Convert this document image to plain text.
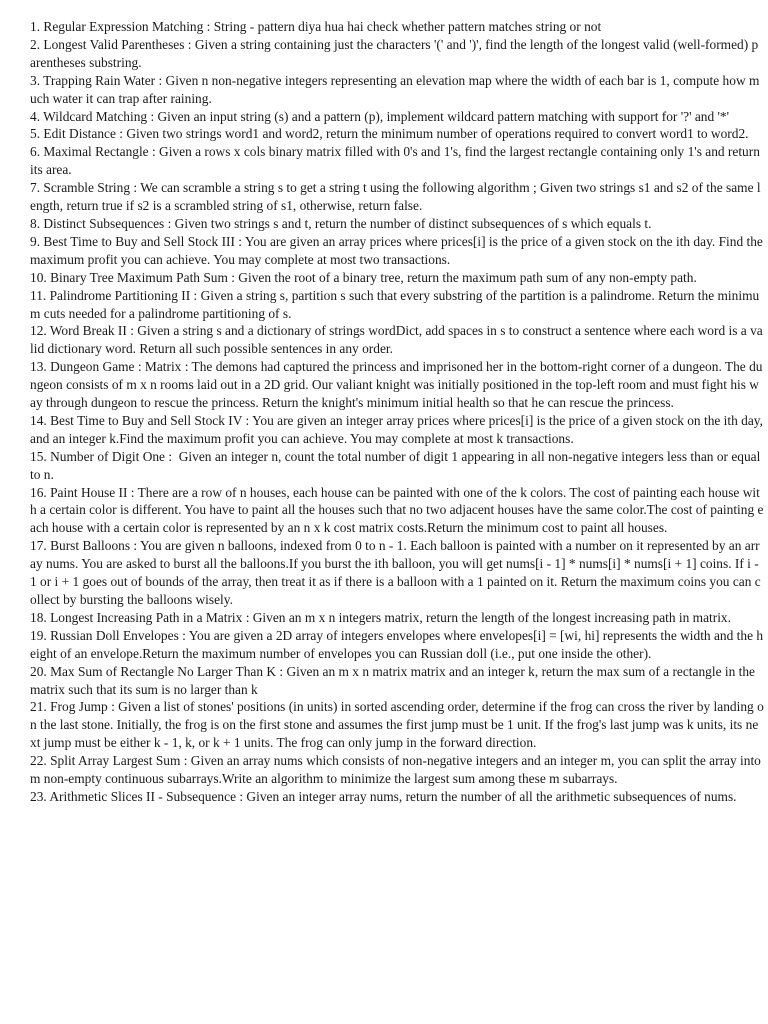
1. Regular Expression Matching : String - pattern diya hua hai check whether pattern matches string or not

2. Longest Valid Parentheses : Given a string containing just the characters '(' and ')', find the length of the longest valid (well-formed) parentheses substring.

3. Trapping Rain Water : Given n non-negative integers representing an elevation map where the width of each bar is 1, compute how much water it can trap after raining.

4. Wildcard Matching : Given an input string (s) and a pattern (p), implement wildcard pattern matching with support for '?' and '*'

5. Edit Distance : Given two strings word1 and word2, return the minimum number of operations required to convert word1 to word2.

6. Maximal Rectangle : Given a rows x cols binary matrix filled with 0's and 1's, find the largest rectangle containing only 1's and return its area.

7. Scramble String : We can scramble a string s to get a string t using the following algorithm ; Given two strings s1 and s2 of the same length, return true if s2 is a scrambled string of s1, otherwise, return false.

8. Distinct Subsequences : Given two strings s and t, return the number of distinct subsequences of s which equals t.

9. Best Time to Buy and Sell Stock III : You are given an array prices where prices[i] is the price of a given stock on the ith day. Find the maximum profit you can achieve. You may complete at most two transactions.

10. Binary Tree Maximum Path Sum : Given the root of a binary tree, return the maximum path sum of any non-empty path.

11. Palindrome Partitioning II : Given a string s, partition s such that every substring of the partition is a palindrome. Return the minimum cuts needed for a palindrome partitioning of s.

12. Word Break II : Given a string s and a dictionary of strings wordDict, add spaces in s to construct a sentence where each word is a valid dictionary word. Return all such possible sentences in any order.

13. Dungeon Game : Matrix : The demons had captured the princess and imprisoned her in the bottom-right corner of a dungeon. The dungeon consists of m x n rooms laid out in a 2D grid. Our valiant knight was initially positioned in the top-left room and must fight his way through dungeon to rescue the princess. Return the knight's minimum initial health so that he can rescue the princess.

14. Best Time to Buy and Sell Stock IV : You are given an integer array prices where prices[i] is the price of a given stock on the ith day, and an integer k.Find the maximum profit you can achieve. You may complete at most k transactions.

15. Number of Digit One :  Given an integer n, count the total number of digit 1 appearing in all non-negative integers less than or equal to n.

16. Paint House II : There are a row of n houses, each house can be painted with one of the k colors. The cost of painting each house with a certain color is different. You have to paint all the houses such that no two adjacent houses have the same color.The cost of painting each house with a certain color is represented by an n x k cost matrix costs.Return the minimum cost to paint all houses.

17. Burst Balloons : You are given n balloons, indexed from 0 to n - 1. Each balloon is painted with a number on it represented by an array nums. You are asked to burst all the balloons.If you burst the ith balloon, you will get nums[i - 1] * nums[i] * nums[i + 1] coins. If i - 1 or i + 1 goes out of bounds of the array, then treat it as if there is a balloon with a 1 painted on it. Return the maximum coins you can collect by bursting the balloons wisely.

18. Longest Increasing Path in a Matrix : Given an m x n integers matrix, return the length of the longest increasing path in matrix.

19. Russian Doll Envelopes : You are given a 2D array of integers envelopes where envelopes[i] = [wi, hi] represents the width and the height of an envelope.Return the maximum number of envelopes you can Russian doll (i.e., put one inside the other).

20. Max Sum of Rectangle No Larger Than K : Given an m x n matrix matrix and an integer k, return the max sum of a rectangle in the matrix such that its sum is no larger than k

21. Frog Jump : Given a list of stones' positions (in units) in sorted ascending order, determine if the frog can cross the river by landing on the last stone. Initially, the frog is on the first stone and assumes the first jump must be 1 unit. If the frog's last jump was k units, its next jump must be either k - 1, k, or k + 1 units. The frog can only jump in the forward direction.

22. Split Array Largest Sum : Given an array nums which consists of non-negative integers and an integer m, you can split the array into m non-empty continuous subarrays.Write an algorithm to minimize the largest sum among these m subarrays.

23. Arithmetic Slices II - Subsequence : Given an integer array nums, return the number of all the arithmetic subsequences of nums.
